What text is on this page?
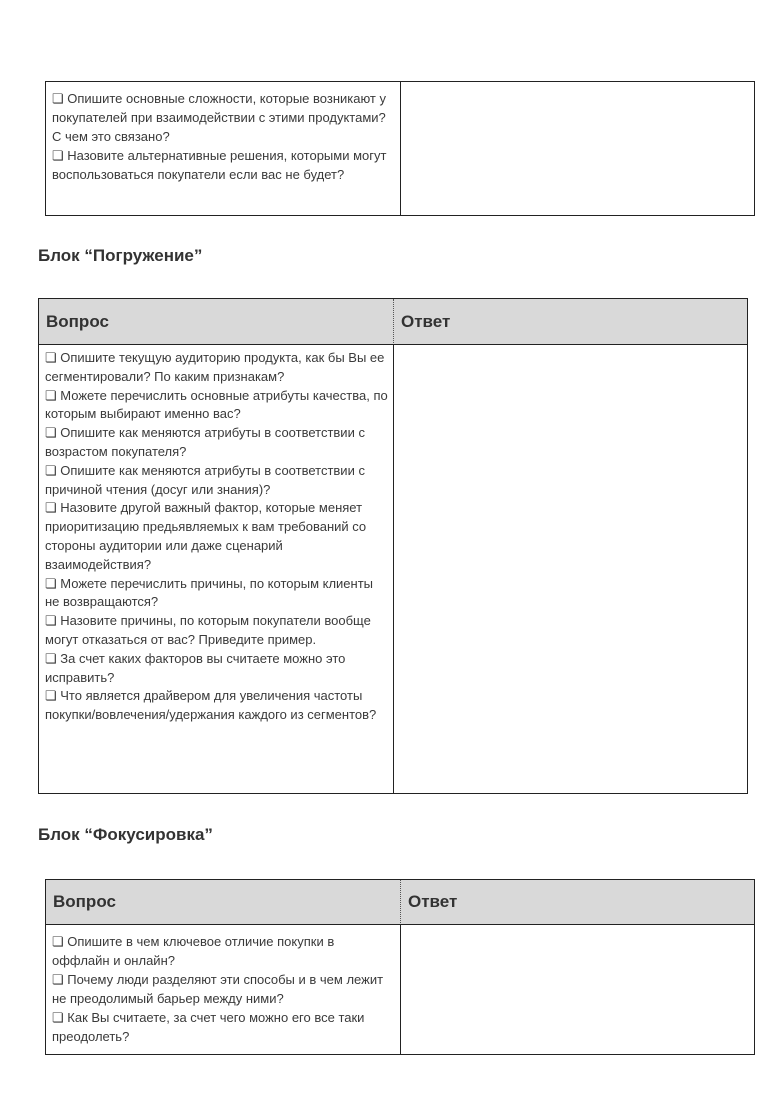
❏ Опишите основные сложности, которые возникают у покупателей при взаимодействии с этими продуктами? С чем это связано?

❏ Назовите альтернативные решения, которыми могут воспользоваться покупатели если вас не будет?

Блок “Погружение”
Вопрос	Ответ

❏ Опишите текущую аудиторию продукта, как бы Вы ее сегментировали? По каким признакам?

❏ Можете перечислить основные атрибуты качества, по которым выбирают именно вас?

❏ Опишите как меняются атрибуты в соответствии с возрастом покупателя?

❏ Опишите как меняются атрибуты в соответствии с причиной чтения (досуг или знания)?

❏ Назовите другой важный фактор, которые меняет приоритизацию предьявляемых к вам требований со стороны аудитории или даже сценарий взаимодействия?

❏ Можете перечислить причины, по которым клиенты не возвращаются?

❏ Назовите причины, по которым покупатели вообще могут отказаться от вас? Приведите пример.

❏ За счет каких факторов вы считаете можно это исправить?

❏ Что является драйвером для увеличения частоты покупки/вовлечения/удержания каждого из сегментов?

Блок “Фокусировка”
Вопрос	Ответ

❏ Опишите в чем ключевое отличие покупки в оффлайн и онлайн?

❏ Почему люди разделяют эти способы и в чем лежит не преодолимый барьер между ними?

❏ Как Вы считаете, за счет чего можно его все таки преодолеть?
